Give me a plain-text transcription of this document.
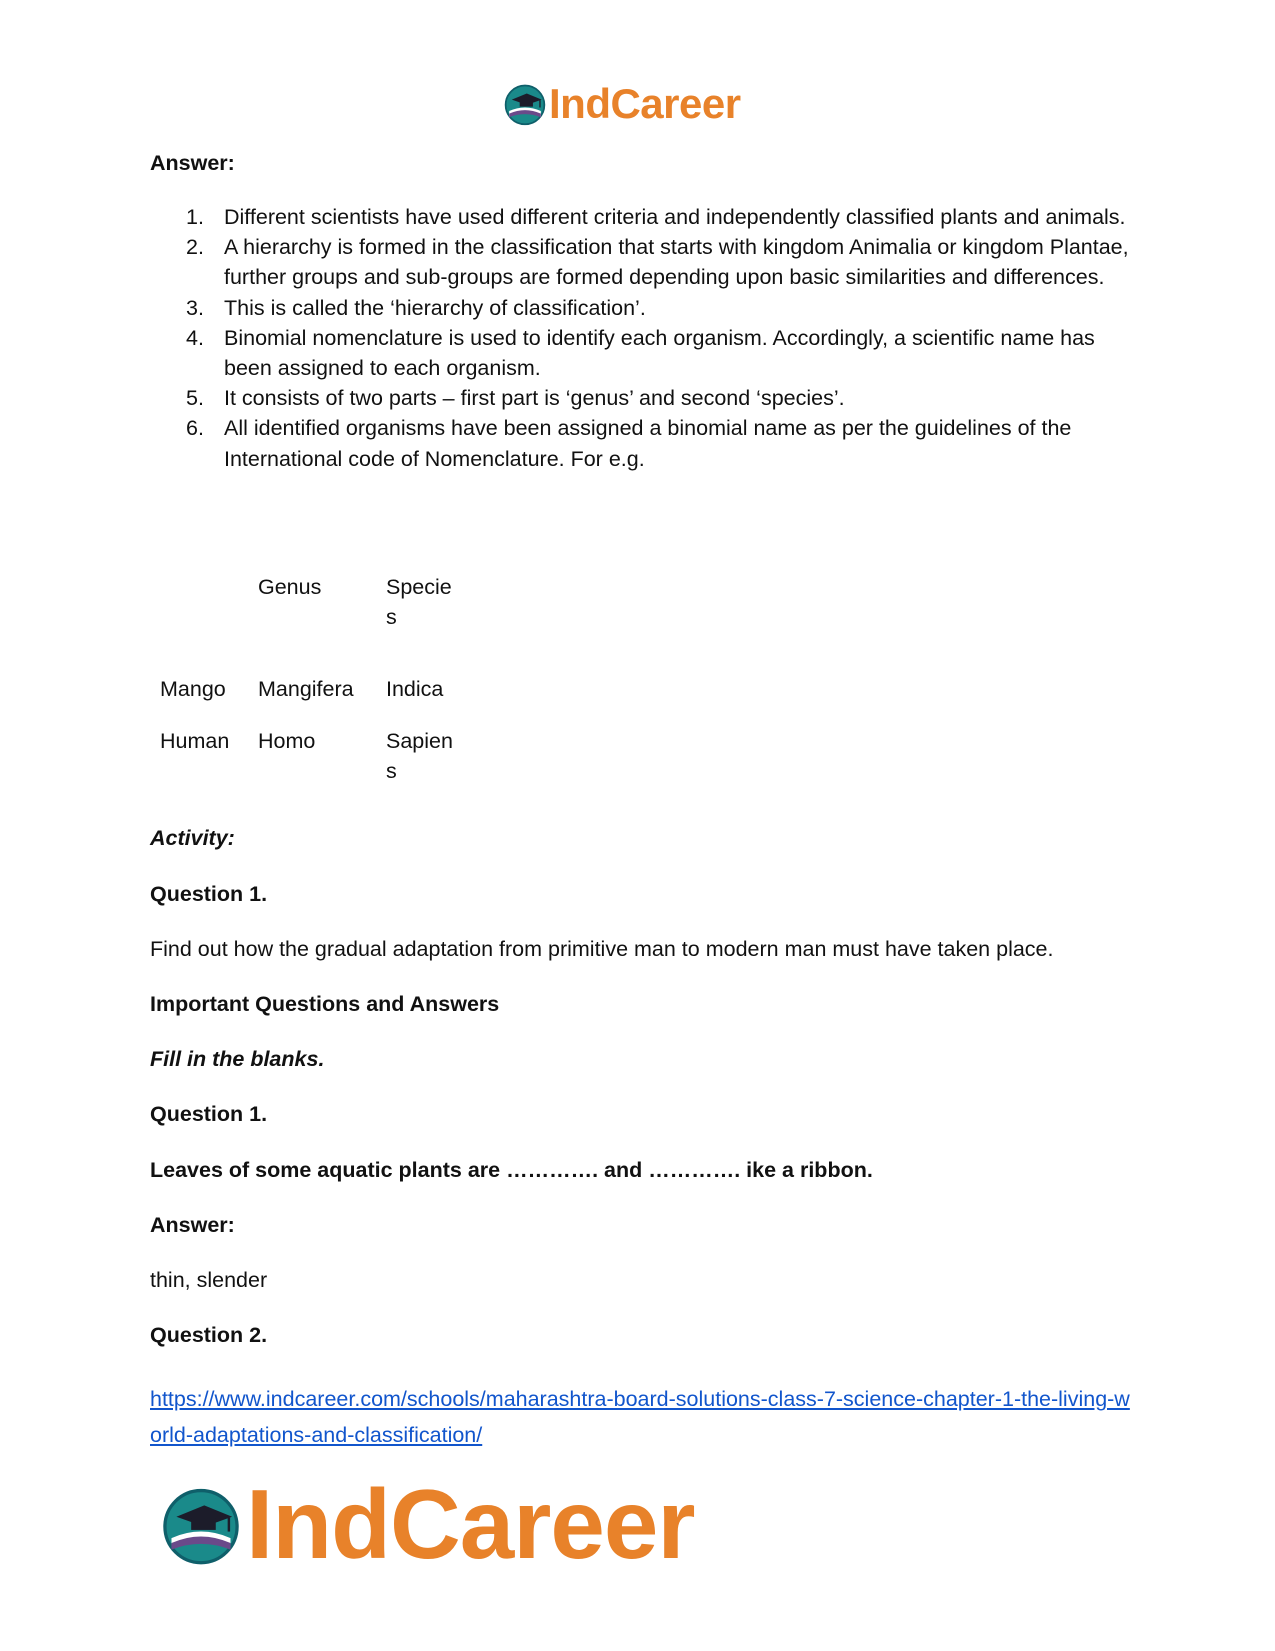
IndCareer
Answer:
1. Different scientists have used different criteria and independently classified plants and animals.
2. A hierarchy is formed in the classification that starts with kingdom Animalia or kingdom Plantae, further groups and sub-groups are formed depending upon basic similarities and differences.
3. This is called the ‘hierarchy of classification’.
4. Binomial nomenclature is used to identify each organism. Accordingly, a scientific name has been assigned to each organism.
5. It consists of two parts – first part is ‘genus’ and second ‘species’.
6. All identified organisms have been assigned a binomial name as per the guidelines of the International code of Nomenclature. For e.g.
Genus	Specie
s
Mango Mangifera Indica

Human Homo	Sapien
s
Activity:
Question 1.
Find out how the gradual adaptation from primitive man to modern man must have taken place.
Important Questions and Answers
Fill in the blanks.
Question 1.
Leaves of some aquatic plants are …………. and …………. ike a ribbon.
Answer:
thin, slender
Question 2.
https://www.indcareer.com/schools/maharashtra-board-solutions-class-7-science-chapter-1-the-living-world-adaptations-and-classification/
IndCareer
